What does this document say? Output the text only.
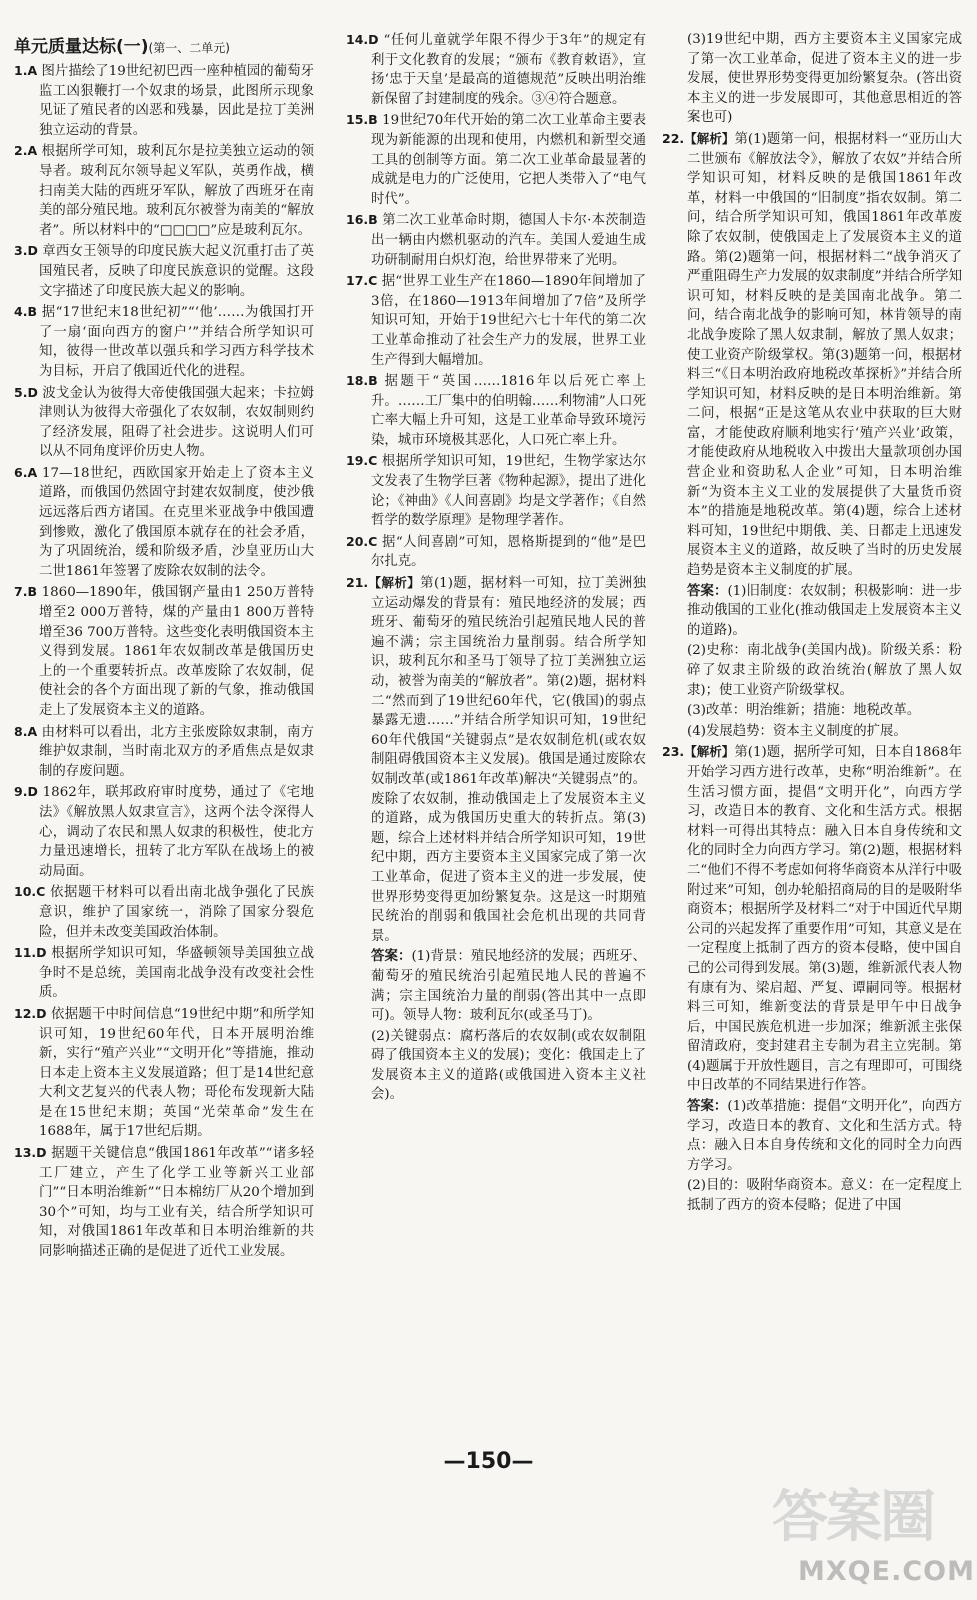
单元质量达标(一)(第一、二单元)

1.A 图片描绘了19世纪初巴西一座种植园的葡萄牙监工凶狠鞭打一个奴隶的场景，此图所示现象见证了殖民者的凶恶和残暴，因此是拉丁美洲独立运动的背景。

2.A 根据所学可知，玻利瓦尔是拉美独立运动的领导者。玻利瓦尔领导起义军队，英勇作战，横扫南美大陆的西班牙军队，解放了西班牙在南美的部分殖民地。玻利瓦尔被誉为南美的“解放者”。所以材料中的“□□□□”应是玻利瓦尔。

3.D 章西女王领导的印度民族大起义沉重打击了英国殖民者，反映了印度民族意识的觉醒。这段文字描述了印度民族大起义的影响。

4.B 据“17世纪末18世纪初”“‘他’……为俄国打开了一扇‘面向西方的窗户’”并结合所学知识可知，彼得一世改革以强兵和学习西方科学技术为目标，开启了俄国近代化的进程。

5.D 波戈金认为彼得大帝使俄国强大起来；卡拉姆津则认为彼得大帝强化了农奴制，农奴制则约了经济发展，阻碍了社会进步。这说明人们可以从不同角度评价历史人物。

6.A 17—18世纪，西欧国家开始走上了资本主义道路，而俄国仍然固守封建农奴制度，使沙俄远远落后西方诸国。在克里米亚战争中俄国遭到惨败，激化了俄国原本就存在的社会矛盾，为了巩固统治，缓和阶级矛盾，沙皇亚历山大二世1861年签署了废除农奴制的法令。

7.B 1860—1890年，俄国钢产量由1 250万普特增至2 000万普特，煤的产量由1 800万普特增至36 700万普特。这些变化表明俄国资本主义得到发展。1861年农奴制改革是俄国历史上的一个重要转折点。改革废除了农奴制，促使社会的各个方面出现了新的气象，推动俄国走上了发展资本主义的道路。

8.A 由材料可以看出，北方主张废除奴隶制，南方维护奴隶制，当时南北双方的矛盾焦点是奴隶制的存废问题。

9.D 1862年，联邦政府审时度势，通过了《宅地法》《解放黑人奴隶宣言》，这两个法令深得人心，调动了农民和黑人奴隶的积极性，使北方力量迅速增长，扭转了北方军队在战场上的被动局面。

10.C 依据题干材料可以看出南北战争强化了民族意识，维护了国家统一，消除了国家分裂危险，但并未改变美国政治体制。

11.D 根据所学知识可知，华盛顿领导美国独立战争时不是总统，美国南北战争没有改变社会性质。

12.D 依据题干中时间信息“19世纪中期”和所学知识可知，19世纪60年代，日本开展明治维新，实行“殖产兴业”“文明开化”等措施，推动日本走上资本主义发展道路；但丁是14世纪意大利文艺复兴的代表人物；哥伦布发现新大陆是在15世纪末期；英国“光荣革命”发生在1688年，属于17世纪后期。

13.D 据题干关键信息“俄国1861年改革”“诸多轻工厂建立，产生了化学工业等新兴工业部门”“日本明治维新”“日本棉纺厂从20个增加到30个”可知，均与工业有关，结合所学知识可知，对俄国1861年改革和日本明治维新的共同影响描述正确的是促进了近代工业发展。

14.D “任何儿童就学年限不得少于3年”的规定有利于文化教育的发展；“颁布《教育敕语》，宣扬‘忠于天皇’是最高的道德规范”反映出明治维新保留了封建制度的残余。③④符合题意。

15.B 19世纪70年代开始的第二次工业革命主要表现为新能源的出现和使用，内燃机和新型交通工具的创制等方面。第二次工业革命最显著的成就是电力的广泛使用，它把人类带入了“电气时代”。

16.B 第二次工业革命时期，德国人卡尔·本茨制造出一辆由内燃机驱动的汽车。美国人爱迪生成功研制耐用白炽灯泡，给世界带来了光明。

17.C 据“世界工业生产在1860—1890年间增加了3倍，在1860—1913年间增加了7倍”及所学知识可知，开始于19世纪六七十年代的第二次工业革命推动了社会生产力的发展，世界工业生产得到大幅增加。

18.B 据题干“英国……1816年以后死亡率上升。……工厂集中的伯明翰……利物浦”人口死亡率大幅上升可知，这是工业革命导致环境污染，城市环境极其恶化，人口死亡率上升。

19.C 根据所学知识可知，19世纪，生物学家达尔文发表了生物学巨著《物种起源》，提出了进化论；《神曲》《人间喜剧》均是文学著作；《自然哲学的数学原理》是物理学著作。

20.C 据“人间喜剧”可知，恩格斯提到的“他”是巴尔扎克。

21.【解析】第(1)题，据材料一可知，拉丁美洲独立运动爆发的背景有：殖民地经济的发展；西班牙、葡萄牙的殖民统治引起殖民地人民的普遍不满；宗主国统治力量削弱。结合所学知识，玻利瓦尔和圣马丁领导了拉丁美洲独立运动，被誉为南美的“解放者”。第(2)题，据材料二“然而到了19世纪60年代，它(俄国)的弱点暴露无遗……”并结合所学知识可知，19世纪60年代俄国“关键弱点”是农奴制危机(或农奴制阻碍俄国资本主义发展)。俄国是通过废除农奴制改革(或1861年改革)解决“关键弱点”的。废除了农奴制，推动俄国走上了发展资本主义的道路，成为俄国历史重大的转折点。第(3)题，综合上述材料并结合所学知识可知，19世纪中期，西方主要资本主义国家完成了第一次工业革命，促进了资本主义的进一步发展，使世界形势变得更加纷繁复杂。这是这一时期殖民统治的削弱和俄国社会危机出现的共同背景。

答案：(1)背景：殖民地经济的发展；西班牙、葡萄牙的殖民统治引起殖民地人民的普遍不满；宗主国统治力量的削弱(答出其中一点即可)。领导人物：玻利瓦尔(或圣马丁)。

(2)关键弱点：腐朽落后的农奴制(或农奴制阻碍了俄国资本主义的发展)；变化：俄国走上了发展资本主义的道路(或俄国进入资本主义社会)。

(3)19世纪中期，西方主要资本主义国家完成了第一次工业革命，促进了资本主义的进一步发展，使世界形势变得更加纷繁复杂。(答出资本主义的进一步发展即可，其他意思相近的答案也可)

22.【解析】第(1)题第一问，根据材料一“亚历山大二世颁布《解放法令》，解放了农奴”并结合所学知识可知，材料反映的是俄国1861年改革，材料一中俄国的“旧制度”指农奴制。第二问，结合所学知识可知，俄国1861年改革废除了农奴制，使俄国走上了发展资本主义的道路。第(2)题第一问，根据材料二“战争消灭了严重阻碍生产力发展的奴隶制度”并结合所学知识可知，材料反映的是美国南北战争。第二问，结合南北战争的影响可知，林肯领导的南北战争废除了黑人奴隶制，解放了黑人奴隶；使工业资产阶级掌权。第(3)题第一问，根据材料三“《日本明治政府地税改革探析》”并结合所学知识可知，材料反映的是日本明治维新。第二问，根据“正是这笔从农业中获取的巨大财富，才能使政府顺利地实行‘殖产兴业’政策，才能使政府从地税收入中拨出大量款项创办国营企业和资助私人企业”可知，日本明治维新“为资本主义工业的发展提供了大量货币资本”的措施是地税改革。第(4)题，综合上述材料可知，19世纪中期俄、美、日都走上迅速发展资本主义的道路，故反映了当时的历史发展趋势是资本主义制度的扩展。

答案：(1)旧制度：农奴制；积极影响：进一步推动俄国的工业化(推动俄国走上发展资本主义的道路)。

(2)史称：南北战争(美国内战)。阶级关系：粉碎了奴隶主阶级的政治统治(解放了黑人奴隶)；使工业资产阶级掌权。

(3)改革：明治维新；措施：地税改革。

(4)发展趋势：资本主义制度的扩展。

23.【解析】第(1)题，据所学可知，日本自1868年开始学习西方进行改革，史称“明治维新”。在生活习惯方面，提倡“文明开化”，向西方学习，改造日本的教育、文化和生活方式。根据材料一可得出其特点：融入日本自身传统和文化的同时全力向西方学习。第(2)题，根据材料二“他们不得不考虑如何将华商资本从洋行中吸附过来”可知，创办轮船招商局的目的是吸附华商资本；根据所学及材料二“对于中国近代早期公司的兴起发挥了重要作用”可知，其意义是在一定程度上抵制了西方的资本侵略，使中国自己的公司得到发展。第(3)题，维新派代表人物有康有为、梁启超、严复、谭嗣同等。根据材料三可知，维新变法的背景是甲午中日战争后，中国民族危机进一步加深；维新派主张保留清政府，变封建君主专制为君主立宪制。第(4)题属于开放性题目，言之有理即可，可围绕中日改革的不同结果进行作答。

答案：(1)改革措施：提倡“文明开化”，向西方学习，改造日本的教育、文化和生活方式。特点：融入日本自身传统和文化的同时全力向西方学习。

(2)目的：吸附华商资本。意义：在一定程度上抵制了西方的资本侵略；促进了中国

—150—
答案圈
MXQE.COM
